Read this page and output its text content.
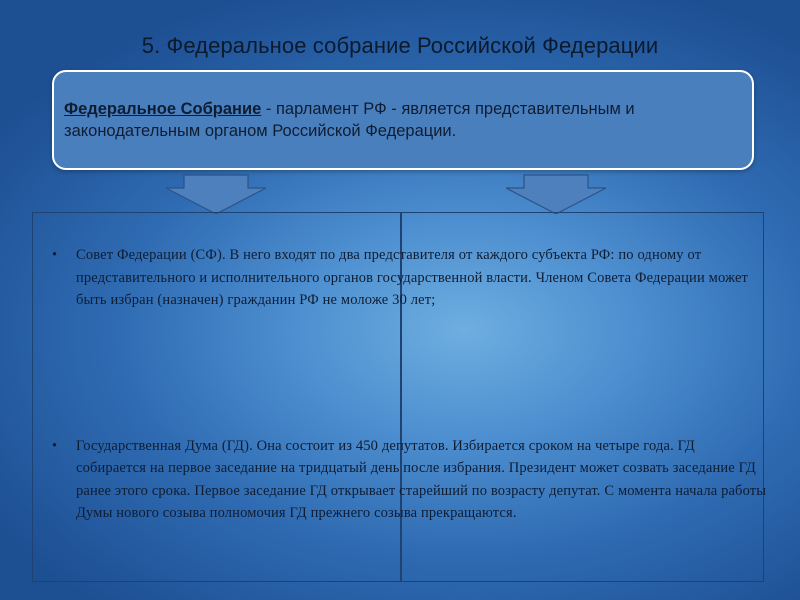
5. Федеральное собрание Российской Федерации
Федеральное Собрание - парламент РФ - является представительным и законодательным органом Российской Федерации.
• Совет Федерации (СФ). В него входят по два представителя от каждого субъекта РФ: по одному от представительного и исполнительного органов государственной власти. Членом Совета Федерации может быть избран (назначен) гражданин РФ не моложе 30 лет;
• Государственная Дума (ГД). Она состоит из 450 депутатов. Избирается сроком на четыре года. ГД собирается на первое заседание на тридцатый день после избрания. Президент может созвать заседание ГД ранее этого срока. Первое заседание ГД открывает старейший по возрасту депутат. С момента начала работы Думы нового созыва полномочия ГД прежнего созыва прекращаются.
